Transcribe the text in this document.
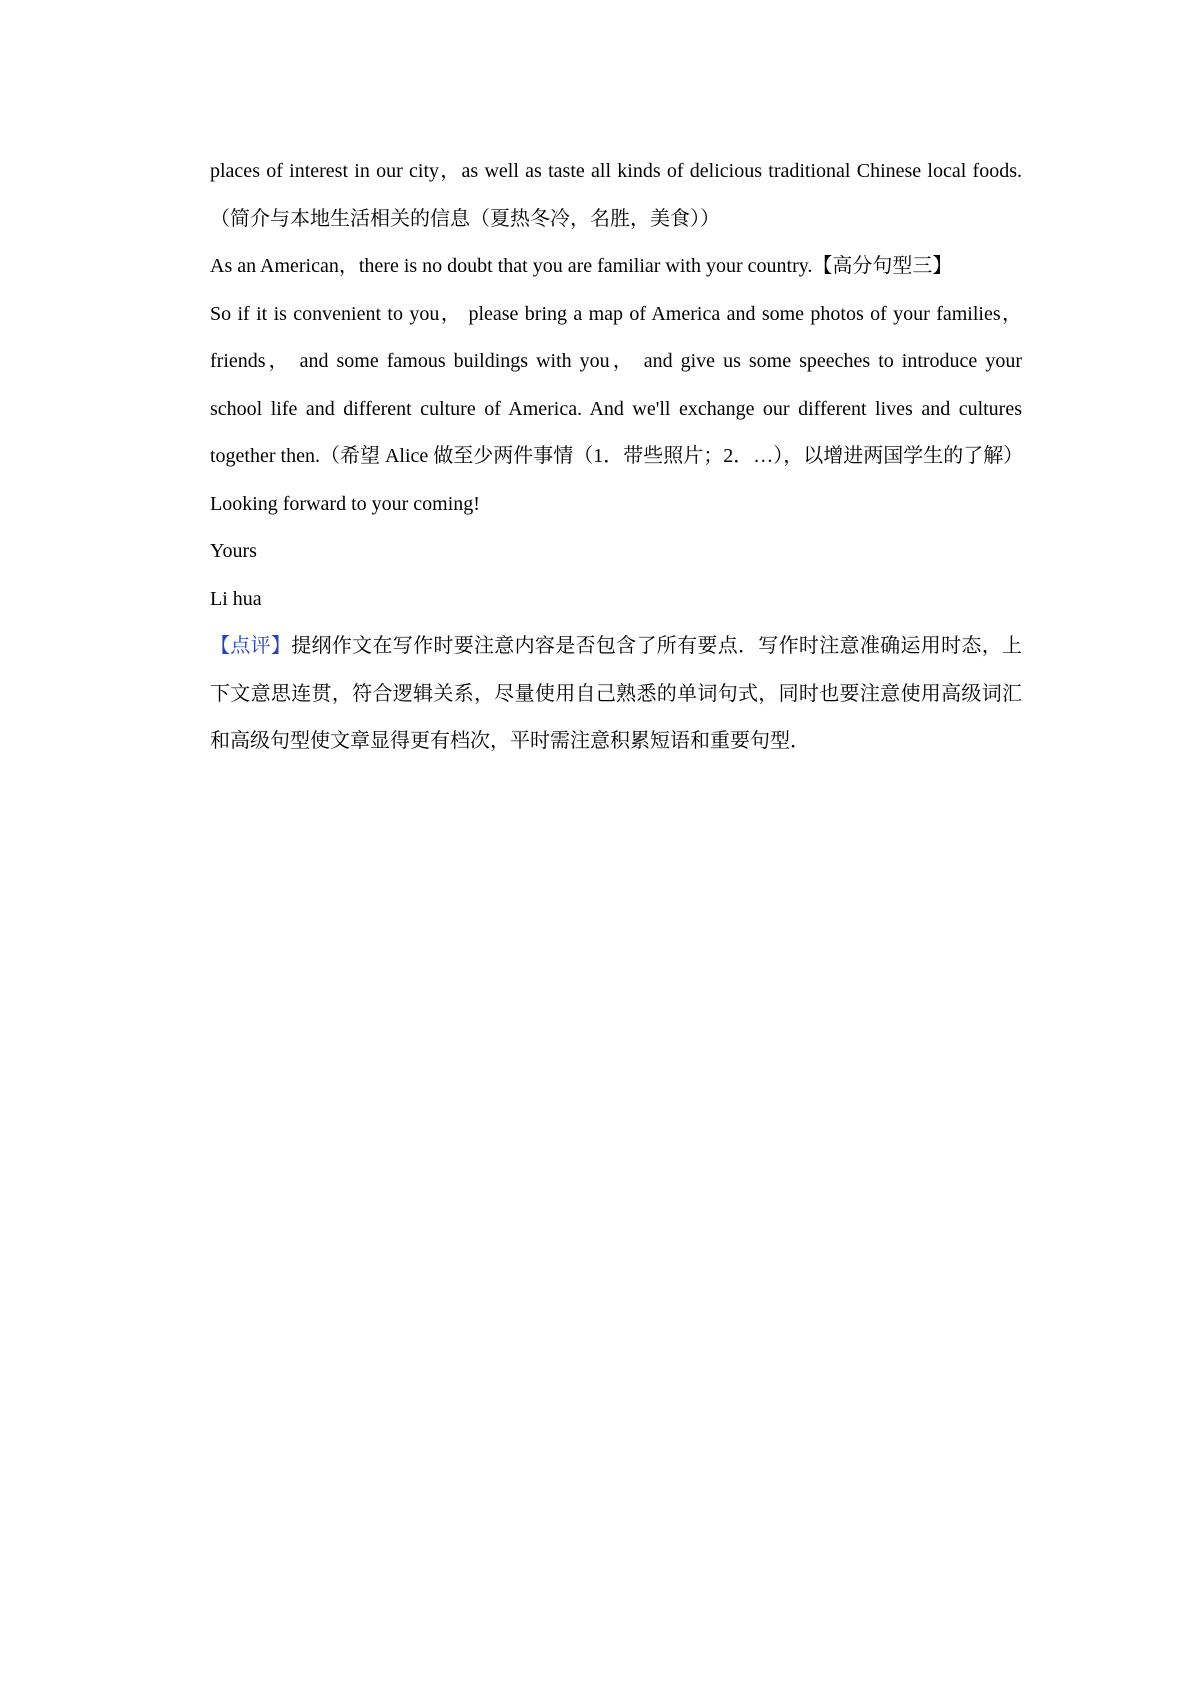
places of interest in our city，as well as taste all kinds of delicious traditional Chinese local foods.（简介与本地生活相关的信息（夏热冬冷，名胜，美食））

As an American，there is no doubt that you are familiar with your country.【高分句型三】

So if it is convenient to you， please bring a map of America and some photos of your families， friends， and some famous buildings with you， and give us some speeches to introduce your school life and different culture of America. And we'll exchange our different lives and cultures together then.（希望 Alice 做至少两件事情（1．带些照片；2．…），以增进两国学生的了解）

Looking forward to your coming!

Yours

Li hua

【点评】提纲作文在写作时要注意内容是否包含了所有要点．写作时注意准确运用时态，上下文意思连贯，符合逻辑关系，尽量使用自己熟悉的单词句式，同时也要注意使用高级词汇和高级句型使文章显得更有档次，平时需注意积累短语和重要句型．
